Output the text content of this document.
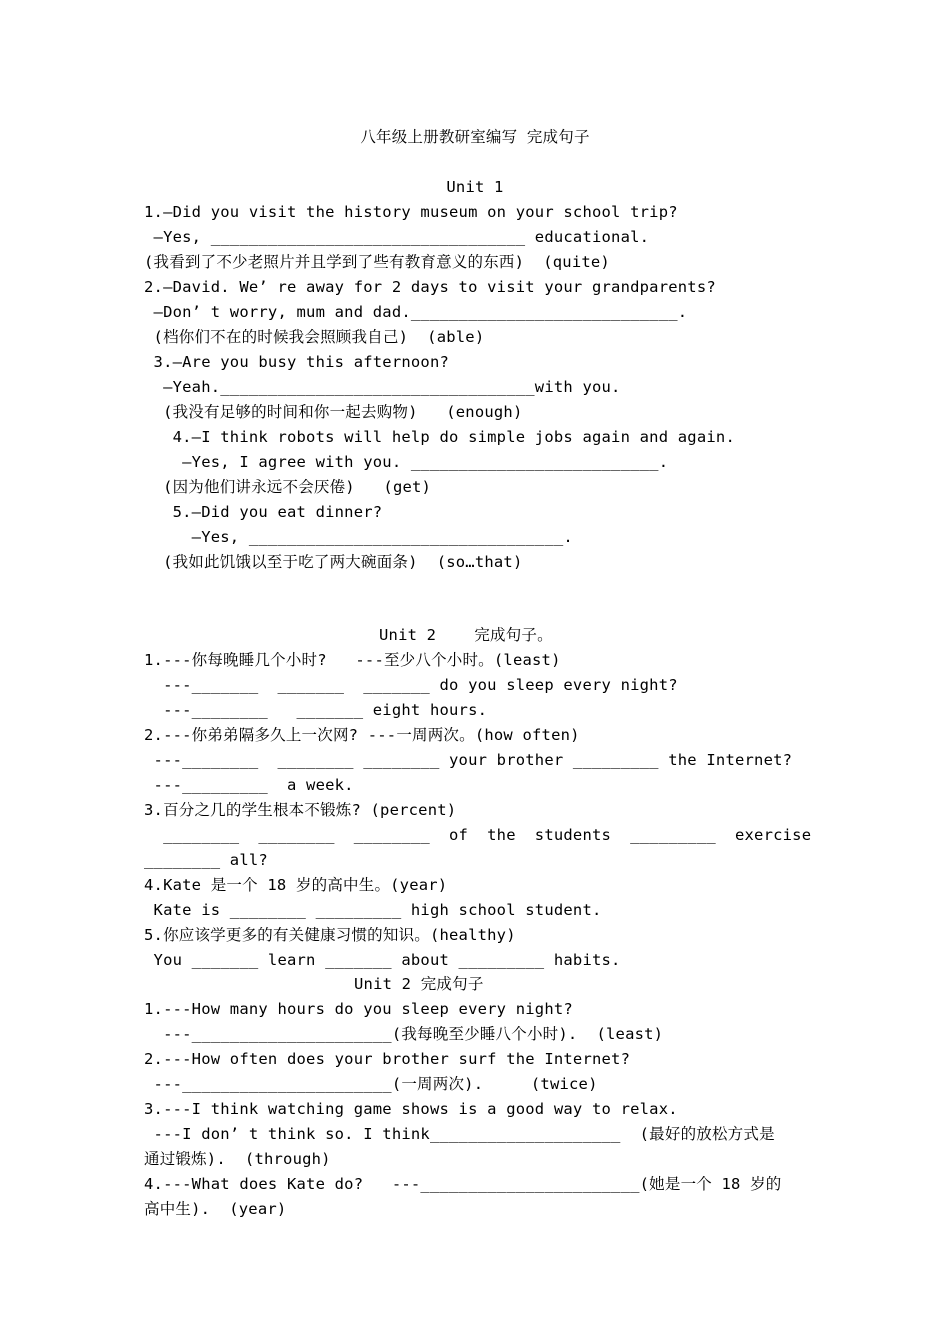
八年级上册教研室编写 完成句子
Unit 1
1.—Did you visit the history museum on your school trip?
—Yes, _________________________________ educational.
(我看到了不少老照片并且学到了些有教育意义的东西)  (quite)
2.—David. We’ re away for 2 days to visit your grandparents?
—Don’ t worry, mum and dad.____________________________.
(档你们不在的时候我会照顾我自己)  (able)
3.—Are you busy this afternoon?
—Yeah._________________________________with you.
(我没有足够的时间和你一起去购物)   (enough)
4.—I think robots will help do simple jobs again and again.
—Yes, I agree with you. __________________________.
(因为他们讲永远不会厌倦)   (get)
5.—Did you eat dinner?
—Yes, _________________________________.
(我如此饥饿以至于吃了两大碗面条)  (so…that)
Unit 2    完成句子。
1.---你每晚睡几个小时?   ---至少八个小时。(least)
---_______  _______  _______ do you sleep every night?
---________   _______ eight hours.
2.---你弟弟隔多久上一次网? ---一周两次。(how often)
---________  ________ ________ your brother _________ the Internet?
---_________  a week.
3.百分之几的学生根本不锻炼? (percent)
________  ________  ________  of  the  students  _________  exercise
________ all?
4.Kate 是一个 18 岁的高中生。(year)
Kate is ________ _________ high school student.
5.你应该学更多的有关健康习惯的知识。(healthy)
You _______ learn _______ about _________ habits.
Unit 2 完成句子
1.---How many hours do you sleep every night?
---_____________________(我每晚至少睡八个小时).  (least)
2.---How often does your brother surf the Internet?
---______________________(一周两次).     (twice)
3.---I think watching game shows is a good way to relax.
---I don’ t think so. I think____________________  (最好的放松方式是
通过锻炼).  (through)
4.---What does Kate do?   ---_______________________(她是一个 18 岁的
高中生).  (year)
